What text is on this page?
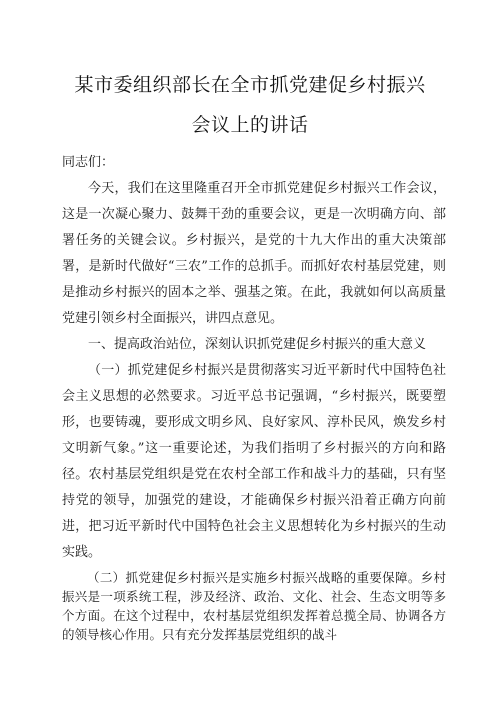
某市委组织部长在全市抓党建促乡村振兴
会议上的讲话

同志们：

今天，我们在这里隆重召开全市抓党建促乡村振兴工作会议，这是一次凝心聚力、鼓舞干劲的重要会议，更是一次明确方向、部署任务的关键会议。乡村振兴，是党的十九大作出的重大决策部署，是新时代做好“三农”工作的总抓手。而抓好农村基层党建，则是推动乡村振兴的固本之举、强基之策。在此，我就如何以高质量党建引领乡村全面振兴，讲四点意见。

一、提高政治站位，深刻认识抓党建促乡村振兴的重大意义

（一）抓党建促乡村振兴是贯彻落实习近平新时代中国特色社会主义思想的必然要求。习近平总书记强调，“乡村振兴，既要塑形，也要铸魂，要形成文明乡风、良好家风、淳朴民风，焕发乡村文明新气象。”这一重要论述，为我们指明了乡村振兴的方向和路径。农村基层党组织是党在农村全部工作和战斗力的基础，只有坚持党的领导，加强党的建设，才能确保乡村振兴沿着正确方向前进，把习近平新时代中国特色社会主义思想转化为乡村振兴的生动实践。

（二）抓党建促乡村振兴是实施乡村振兴战略的重要保障。乡村振兴是一项系统工程，涉及经济、政治、文化、社会、生态文明等多个方面。在这个过程中，农村基层党组织发挥着总揽全局、协调各方的领导核心作用。只有充分发挥基层党组织的战斗
